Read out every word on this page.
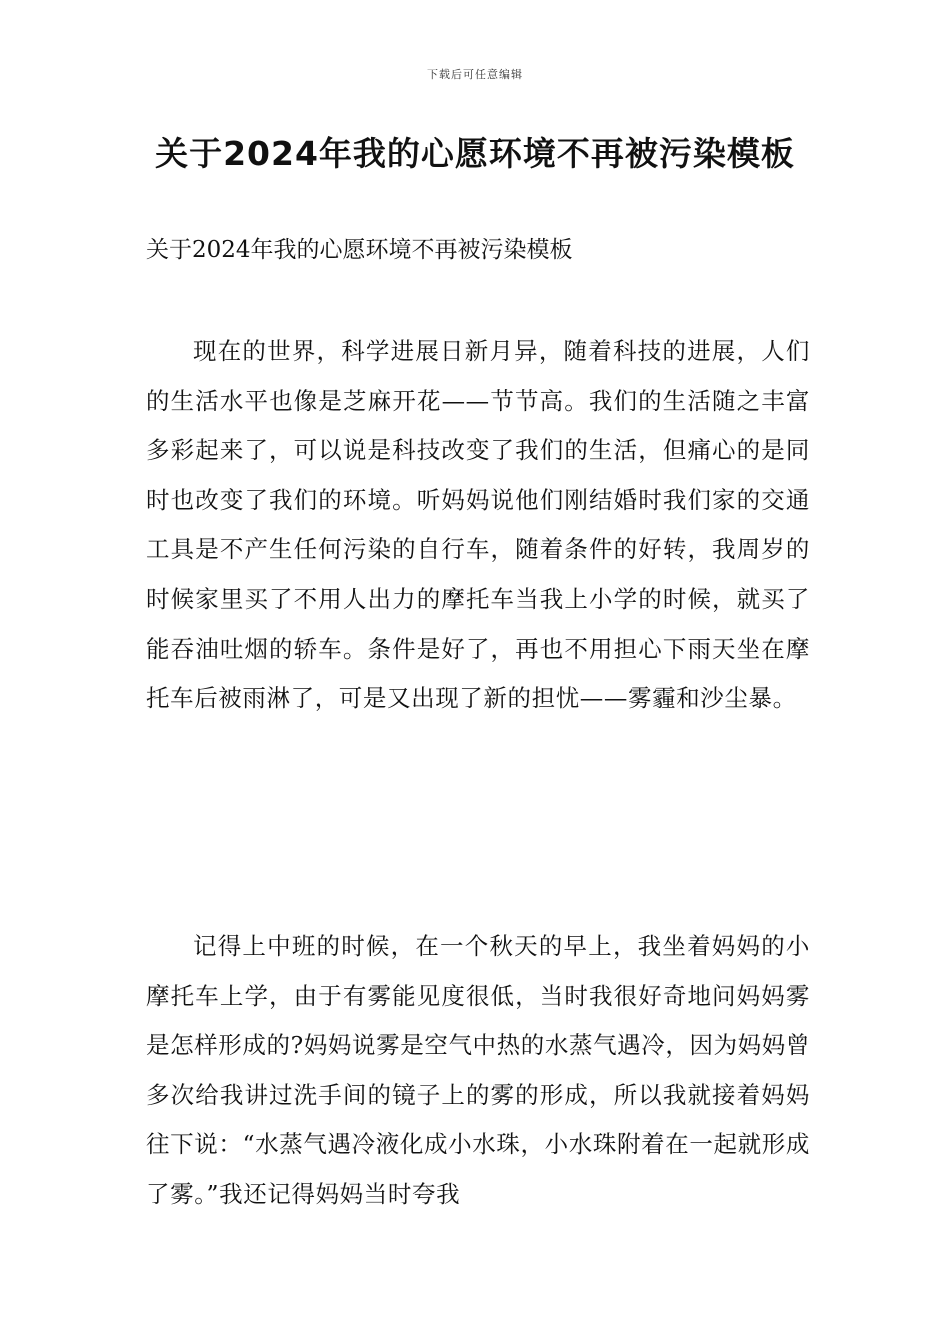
下载后可任意编辑
关于2024年我的心愿环境不再被污染模板
关于2024年我的心愿环境不再被污染模板

现在的世界，科学进展日新月异，随着科技的进展，人们的生活水平也像是芝麻开花——节节高。我们的生活随之丰富多彩起来了，可以说是科技改变了我们的生活，但痛心的是同时也改变了我们的环境。听妈妈说他们刚结婚时我们家的交通工具是不产生任何污染的自行车，随着条件的好转，我周岁的时候家里买了不用人出力的摩托车当我上小学的时候，就买了能吞油吐烟的轿车。条件是好了，再也不用担心下雨天坐在摩托车后被雨淋了，可是又出现了新的担忧——雾霾和沙尘暴。

记得上中班的时候，在一个秋天的早上，我坐着妈妈的小摩托车上学，由于有雾能见度很低，当时我很好奇地问妈妈雾是怎样形成的?妈妈说雾是空气中热的水蒸气遇冷，因为妈妈曾多次给我讲过洗手间的镜子上的雾的形成，所以我就接着妈妈往下说：“水蒸气遇冷液化成小水珠，小水珠附着在一起就形成了雾。”我还记得妈妈当时夸我
